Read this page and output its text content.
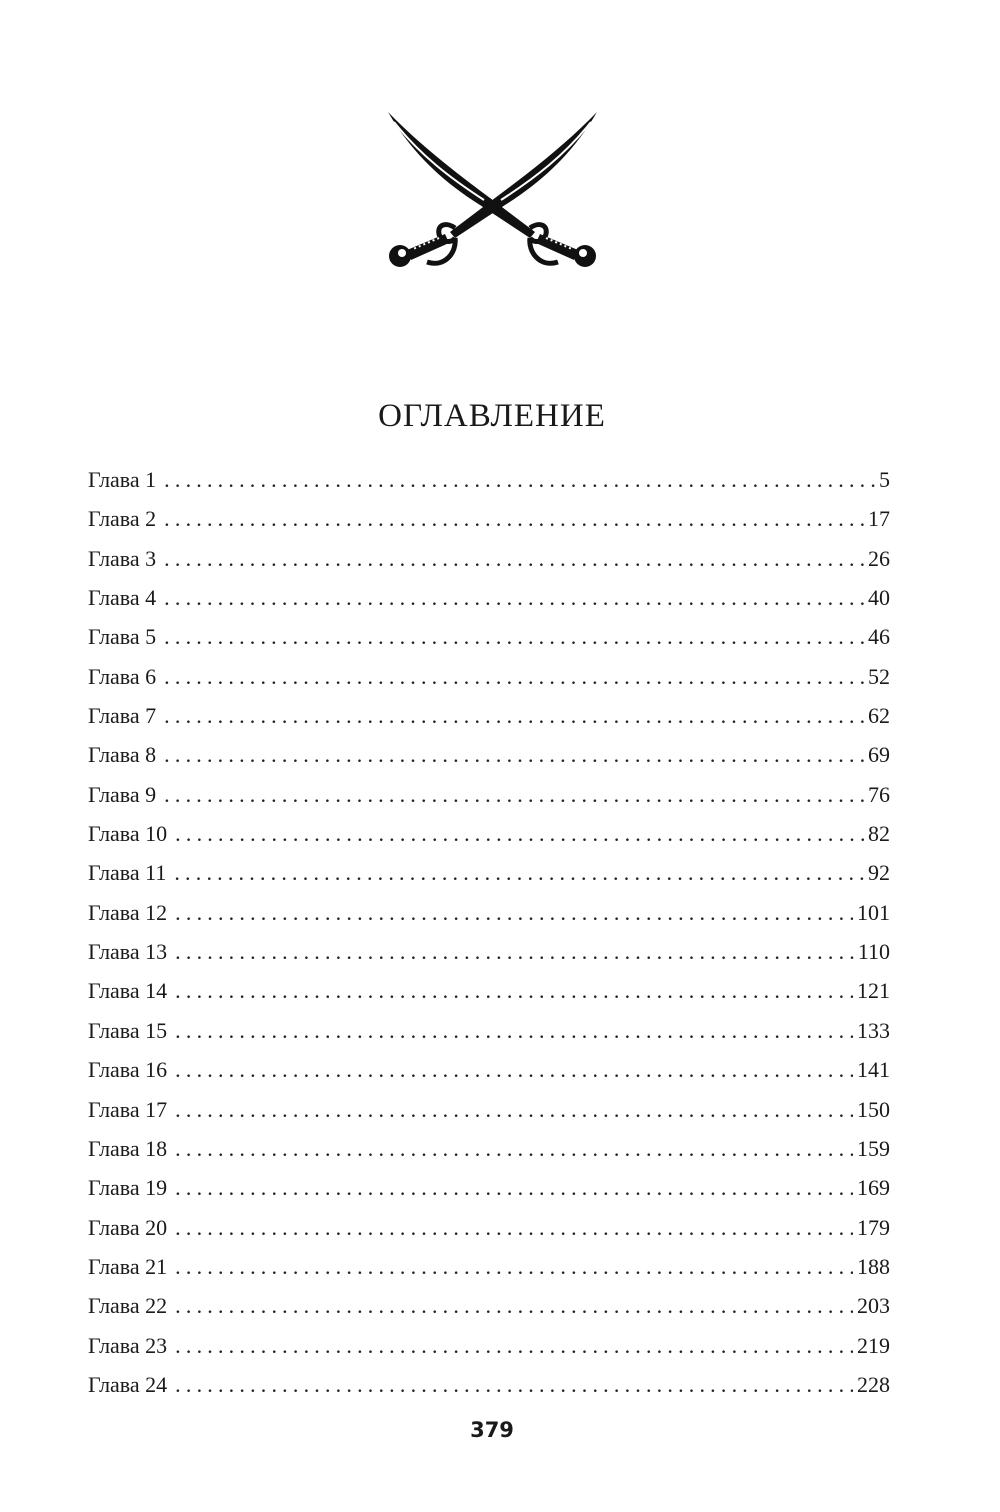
ОГЛАВЛЕНИЕ
Глава 1 .....	5
Глава 2 .....	17
Глава 3 .....	26
Глава 4 .....	40
Глава 5 .....	46
Глава 6 .....	52
Глава 7 .....	62
Глава 8 .....	69
Глава 9 .....	76
Глава 10 .....	82
Глава 11 .....	92
Глава 12 .....	101
Глава 13 .....	110
Глава 14 .....	121
Глава 15 .....	133
Глава 16 .....	141
Глава 17 .....	150
Глава 18 .....	159
Глава 19 .....	169
Глава 20 .....	179
Глава 21 .....	188
Глава 22 .....	203
Глава 23 .....	219
Глава 24 .....	228
379
